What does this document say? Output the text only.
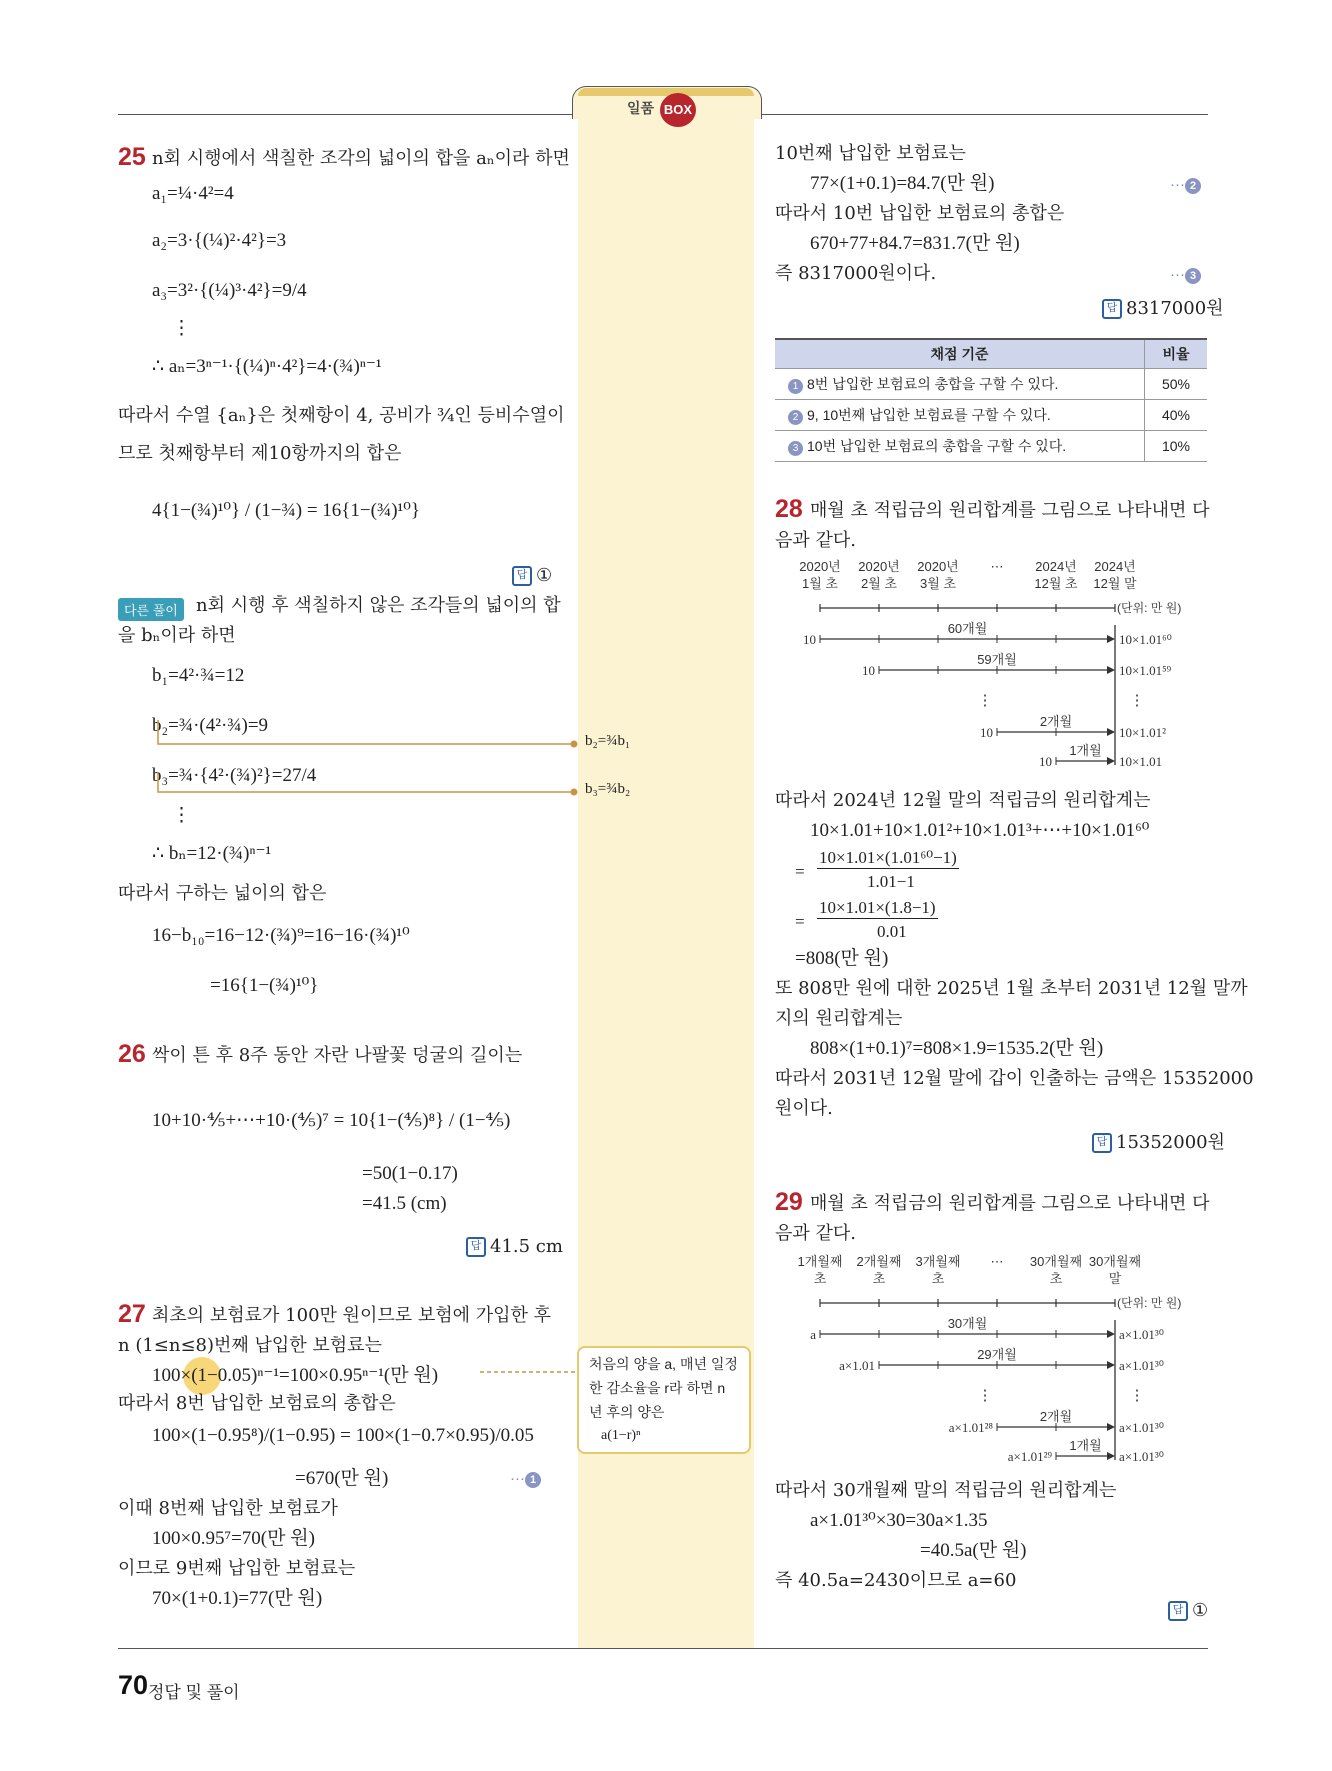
일품 BOX
25 n회 시행에서 색칠한 조각의 넓이의 합을 aₙ이라 하면
a₁=¼·4²=4
a₂=3·{(¼)²·4²}=3
a₃=3²·{(¼)³·4²}=9/4
⋮
∴ aₙ=3ⁿ⁻¹·{(¼)ⁿ·4²}=4·(¾)ⁿ⁻¹
따라서 수열 {aₙ}은 첫째항이 4, 공비가 ¾인 등비수열이
므로 첫째항부터 제10항까지의 합은
4{1−(¾)¹⁰} / (1−¾) = 16{1−(¾)¹⁰}
답 ①
다른 풀이	n회 시행 후 색칠하지 않은 조각들의 넓이의 합
을 bₙ이라 하면
b₁=4²·¾=12
b₂=¾·(4²·¾)=9
b₃=¾·{4²·(¾)²}=27/4
⋮
∴ bₙ=12·(¾)ⁿ⁻¹
따라서 구하는 넓이의 합은
16−b₁₀=16−12·(¾)⁹=16−16·(¾)¹⁰
=16{1−(¾)¹⁰}
b₂=¾b₁
b₃=¾b₂
26 싹이 튼 후 8주 동안 자란 나팔꽃 덩굴의 길이는
10+10·⅘+⋯+10·(⅘)⁷ = 10{1−(⅘)⁸} / (1−⅘)
=50(1−0.17)
=41.5 (cm)
답 41.5 cm
27 최초의 보험료가 100만 원이므로 보험에 가입한 후
n (1≤n≤8)번째 납입한 보험료는
100×(1−0.05)ⁿ⁻¹=100×0.95ⁿ⁻¹(만 원)
따라서 8번 납입한 보험료의 총합은
100×(1−0.95⁸)/(1−0.95) = 100×(1−0.7×0.95)/0.05
=670(만 원)	··· 1
이때 8번째 납입한 보험료가
100×0.95⁷=70(만 원)
이므로 9번째 납입한 보험료는
70×(1+0.1)=77(만 원)
처음의 양을 a, 매년 일정
한 감소율을 r라 하면 n
년 후의 양은
a(1−r)ⁿ
10번째 납입한 보험료는
77×(1+0.1)=84.7(만 원)	··· 2
따라서 10번 납입한 보험료의 총합은
670+77+84.7=831.7(만 원)
즉 8317000원이다.	··· 3
답 8317000원
채점 기준	비율
1 8번 납입한 보험료의 총합을 구할 수 있다.	50%
2 9, 10번째 납입한 보험료를 구할 수 있다.	40%
3 10번 납입한 보험료의 총합을 구할 수 있다.	10%
28 매월 초 적립금의 원리합계를 그림으로 나타내면 다
음과 같다.
2020년
1월 초
2020년
2월 초
2020년
3월 초
⋯ 2024년
12월 초
2024년
12월 말
(단위: 만 원)
10
60개월
10×1.01⁶⁰
10
59개월
10×1.01⁵⁹
⋮	⋮
10
2개월
10×1.01²
10
1개월
10×1.01
따라서 2024년 12월 말의 적립금의 원리합계는
10×1.01+10×1.01²+10×1.01³+⋯+10×1.01⁶⁰
=
10×1.01×(1.01⁶⁰−1)
1.01−1
=
10×1.01×(1.8−1)
0.01
=808(만 원)
또 808만 원에 대한 2025년 1월 초부터 2031년 12월 말까
지의 원리합계는
808×(1+0.1)⁷=808×1.9=1535.2(만 원)
따라서 2031년 12월 말에 갑이 인출하는 금액은 15352000
원이다.
답 15352000원
29 매월 초 적립금의 원리합계를 그림으로 나타내면 다
음과 같다.
1개월째
초
2개월째
초
3개월째
초
⋯ 30개월째
초
30개월째
말
(단위: 만 원)
a
30개월
a×1.01³⁰
a×1.01
29개월
a×1.01³⁰
⋮	⋮
a×1.01²⁸
2개월
a×1.01³⁰
a×1.01²⁹
1개월
a×1.01³⁰
따라서 30개월째 말의 적립금의 원리합계는
a×1.01³⁰×30=30a×1.35
=40.5a(만 원)
즉 40.5a=2430이므로 a=60
답 ①
70 정답 및 풀이
